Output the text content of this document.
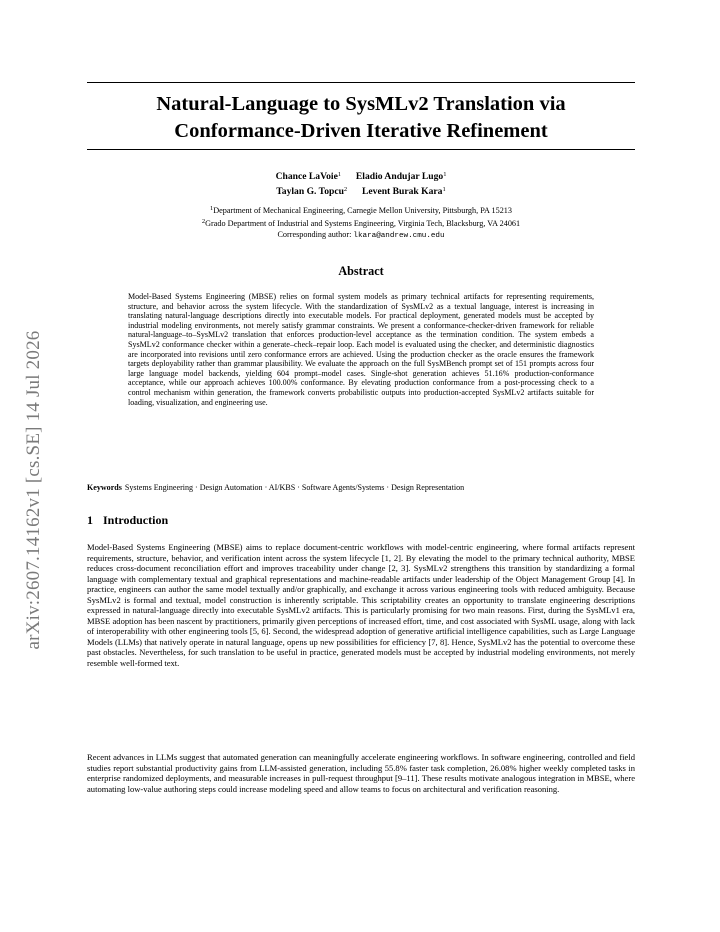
arXiv:2607.14162v1 [cs.SE] 14 Jul 2026
Natural-Language to SysMLv2 Translation via
Conformance-Driven Iterative Refinement
Chance LaVoie$^1$ Eladio Andujar Lugo$^1$
Taylan G. Topcu$^2$ Levent Burak Kara$^1$
$^1$Department of Mechanical Engineering, Carnegie Mellon University, Pittsburgh, PA 15213
$^2$Grado Department of Industrial and Systems Engineering, Virginia Tech, Blacksburg, VA 24061
Corresponding author: lkara@andrew.cmu.edu
Abstract
Model-Based Systems Engineering (MBSE) relies on formal system models as primary technical artifacts for representing requirements, structure, and behavior across the system lifecycle. With the standardization of SysMLv2 as a textual language, interest is increasing in translating natural-language descriptions directly into executable models. For practical deployment, generated models must be accepted by industrial modeling environments, not merely satisfy grammar constraints. We present a conformance-checker-driven framework for reliable natural-language–to–SysMLv2 translation that enforces production-level acceptance as the termination condition. The system embeds a SysMLv2 conformance checker within a generate–check–repair loop. Each model is evaluated using the checker, and deterministic diagnostics are incorporated into revisions until zero conformance errors are achieved. Using the production checker as the oracle ensures the framework targets deployability rather than grammar plausibility. We evaluate the approach on the full SysMBench prompt set of 151 prompts across four large language model backends, yielding 604 prompt–model cases. Single-shot generation achieves 51.16% production-conformance acceptance, while our approach achieves 100.00% conformance. By elevating production conformance from a post-processing check to a control mechanism within generation, the framework converts probabilistic outputs into production-accepted SysMLv2 artifacts suitable for loading, visualization, and engineering use.
Keywords Systems Engineering · Design Automation · AI/KBS · Software Agents/Systems · Design Representation
1 Introduction

Model-Based Systems Engineering (MBSE) aims to replace document-centric workflows with model-centric engineering, where formal artifacts represent requirements, structure, behavior, and verification intent across the system lifecycle [1, 2]. By elevating the model to the primary technical authority, MBSE reduces cross-document reconciliation effort and improves traceability under change [2, 3]. SysMLv2 strengthens this transition by standardizing a formal language with complementary textual and graphical representations and machine-readable artifacts under leadership of the Object Management Group [4]. In practice, engineers can author the same model textually and/or graphically, and exchange it across various engineering tools with reduced ambiguity. Because SysMLv2 is formal and textual, model construction is inherently scriptable. This scriptability creates an opportunity to translate engineering descriptions expressed in natural-language directly into executable SysMLv2 artifacts. This is particularly promising for two main reasons. First, during the SysMLv1 era, MBSE adoption has been nascent by practitioners, primarily given perceptions of increased effort, time, and cost associated with SysML usage, along with lack of interoperability with other engineering tools [5, 6]. Second, the widespread adoption of generative artificial intelligence capabilities, such as Large Language Models (LLMs) that natively operate in natural language, opens up new possibilities for efficiency [7, 8]. Hence, SysMLv2 has the potential to overcome these past obstacles. Nevertheless, for such translation to be useful in practice, generated models must be accepted by industrial modeling environments, not merely resemble well-formed text.

Recent advances in LLMs suggest that automated generation can meaningfully accelerate engineering workflows. In software engineering, controlled and field studies report substantial productivity gains from LLM-assisted generation, including 55.8% faster task completion, 26.08% higher weekly completed tasks in enterprise randomized deployments, and measurable increases in pull-request throughput [9–11]. These results motivate analogous integration in MBSE, where automating low-value authoring steps could increase modeling speed and allow teams to focus on architectural and verification reasoning.
